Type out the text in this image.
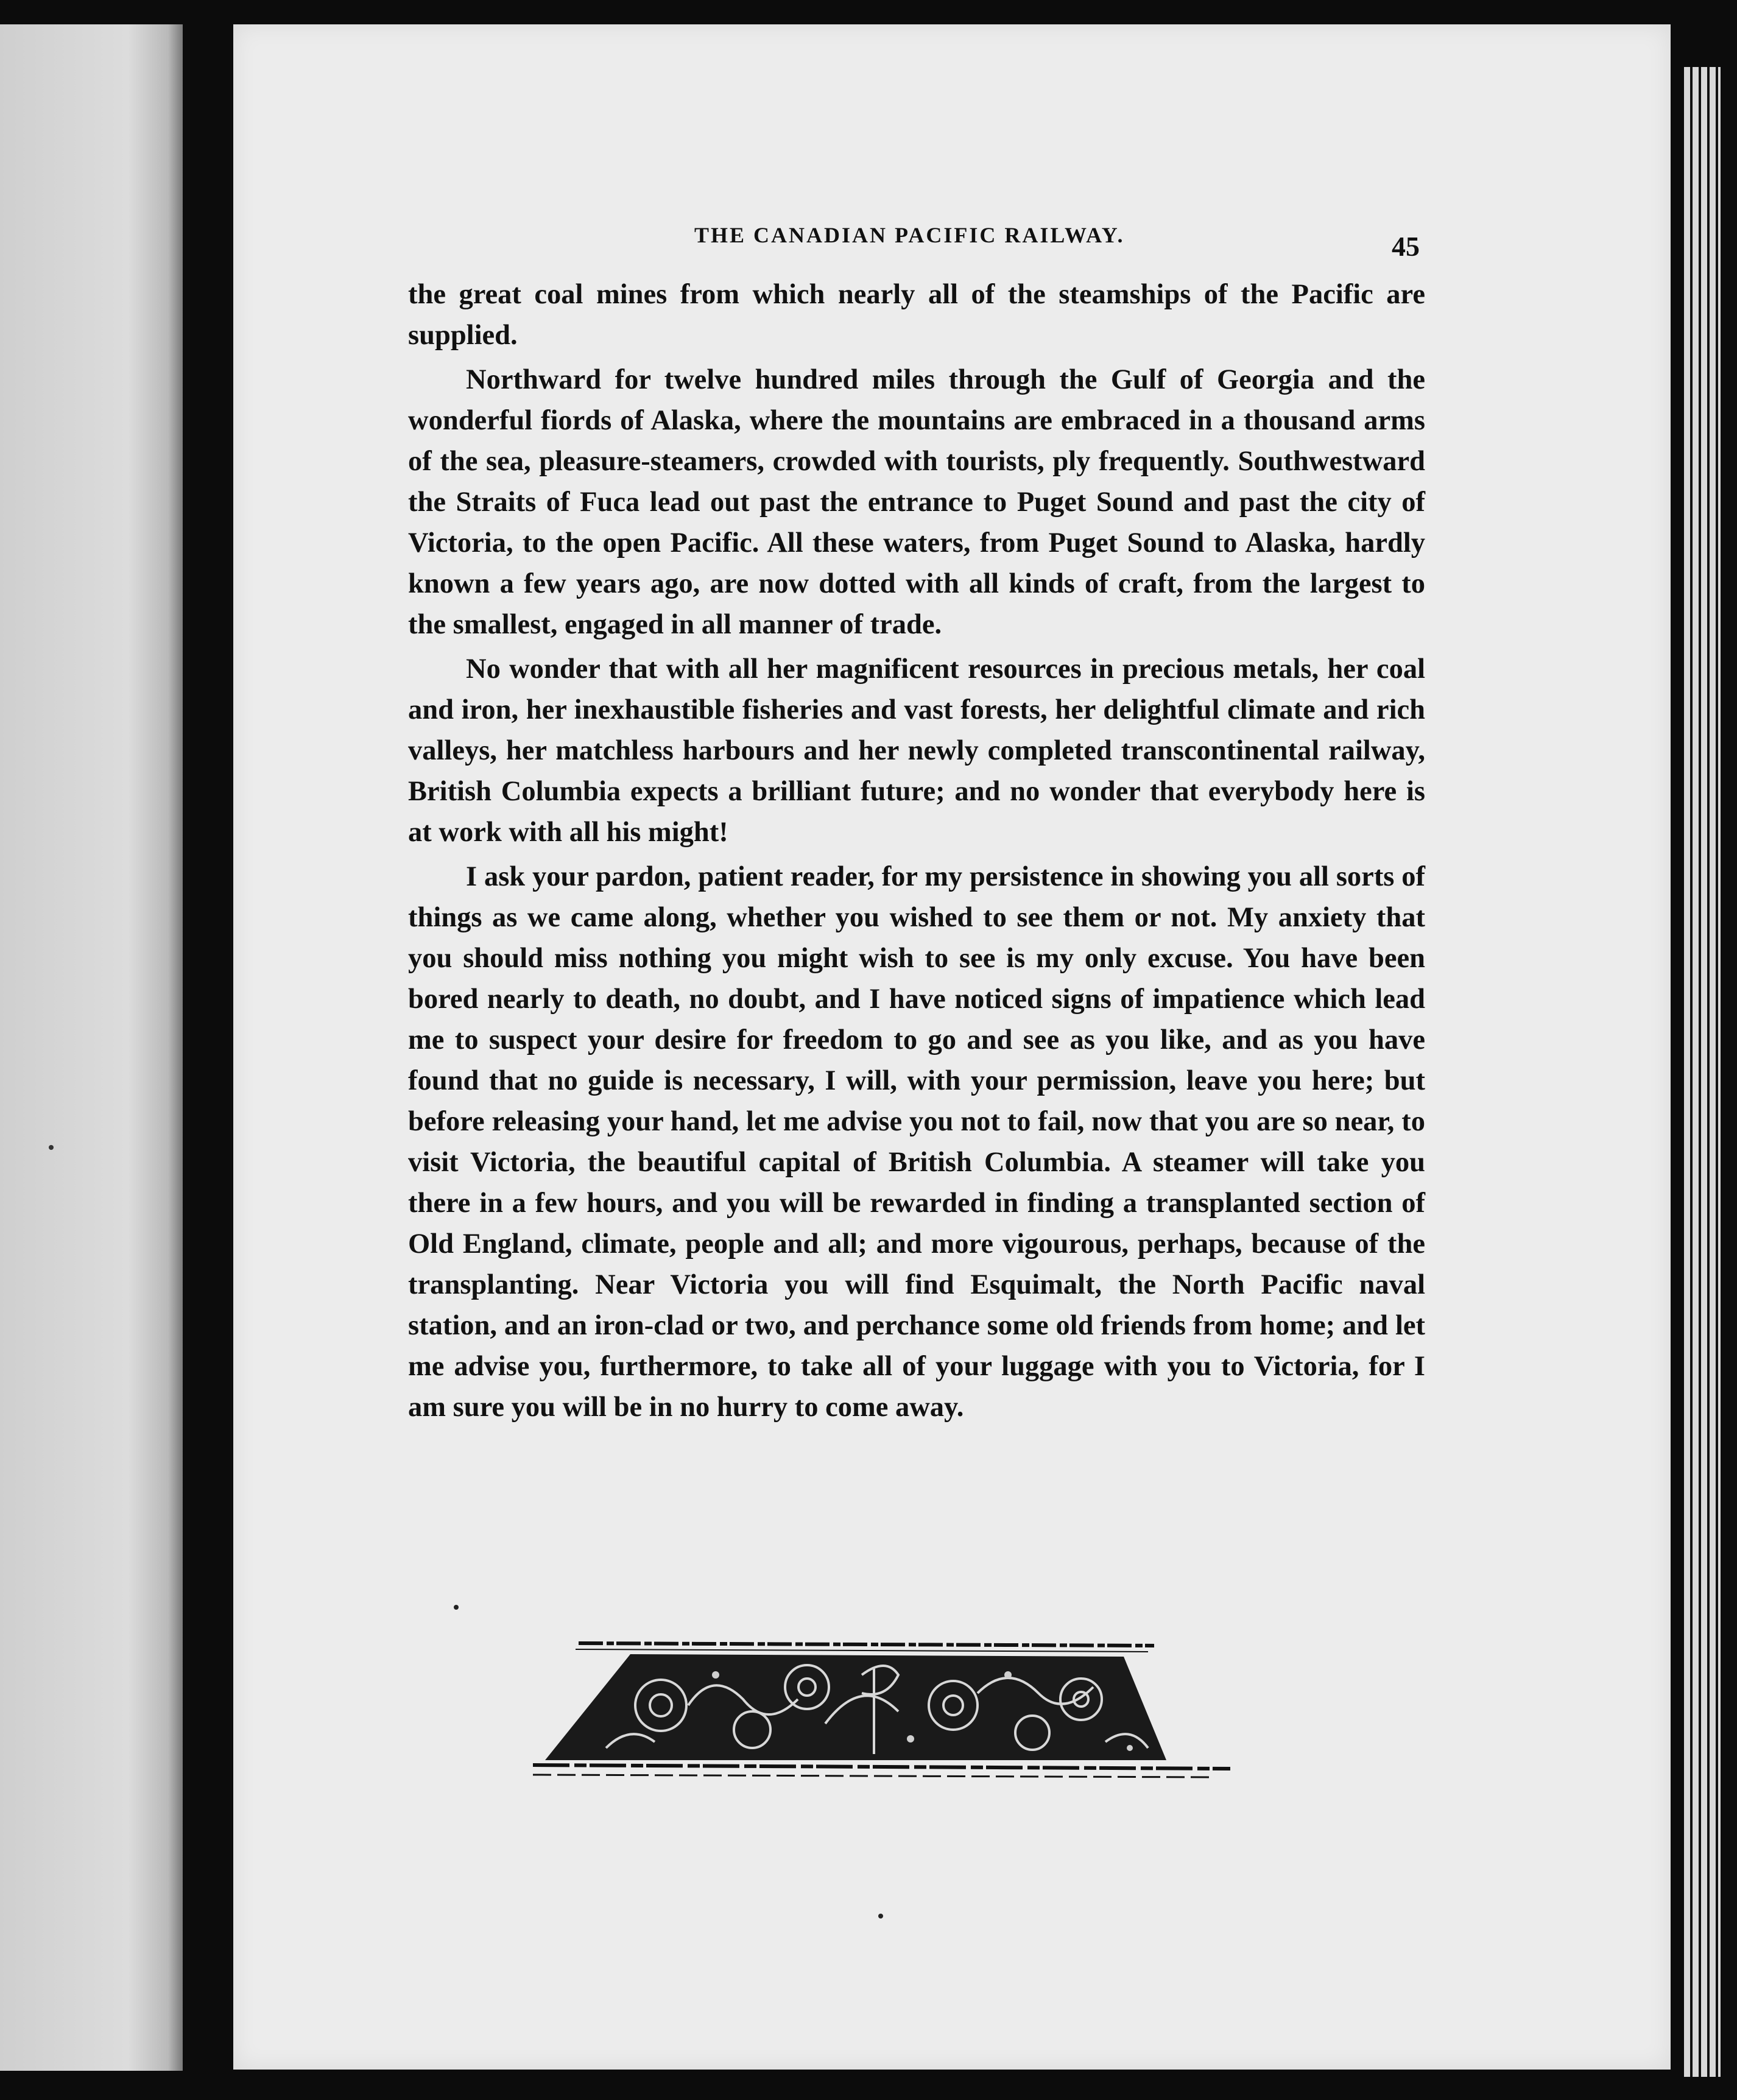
THE CANADIAN PACIFIC RAILWAY.	45

the great coal mines from which nearly all of the steamships of the Pacific are supplied.

Northward for twelve hundred miles through the Gulf of Georgia and the wonderful fiords of Alaska, where the mountains are embraced in a thousand arms of the sea, pleasure-steamers, crowded with tourists, ply frequently. Southwestward the Straits of Fuca lead out past the entrance to Puget Sound and past the city of Victoria, to the open Pacific. All these waters, from Puget Sound to Alaska, hardly known a few years ago, are now dotted with all kinds of craft, from the largest to the smallest, engaged in all manner of trade.

No wonder that with all her magnificent resources in precious metals, her coal and iron, her inexhaustible fisheries and vast forests, her delightful climate and rich valleys, her matchless harbours and her newly completed transcontinental railway, British Columbia expects a brilliant future; and no wonder that everybody here is at work with all his might!

I ask your pardon, patient reader, for my persistence in showing you all sorts of things as we came along, whether you wished to see them or not. My anxiety that you should miss nothing you might wish to see is my only excuse. You have been bored nearly to death, no doubt, and I have noticed signs of impatience which lead me to suspect your desire for freedom to go and see as you like, and as you have found that no guide is necessary, I will, with your permission, leave you here; but before releasing your hand, let me advise you not to fail, now that you are so near, to visit Victoria, the beautiful capital of British Columbia. A steamer will take you there in a few hours, and you will be rewarded in finding a transplanted section of Old England, climate, people and all; and more vigourous, perhaps, because of the transplanting. Near Victoria you will find Esquimalt, the North Pacific naval station, and an iron-clad or two, and perchance some old friends from home; and let me advise you, furthermore, to take all of your luggage with you to Victoria, for I am sure you will be in no hurry to come away.
